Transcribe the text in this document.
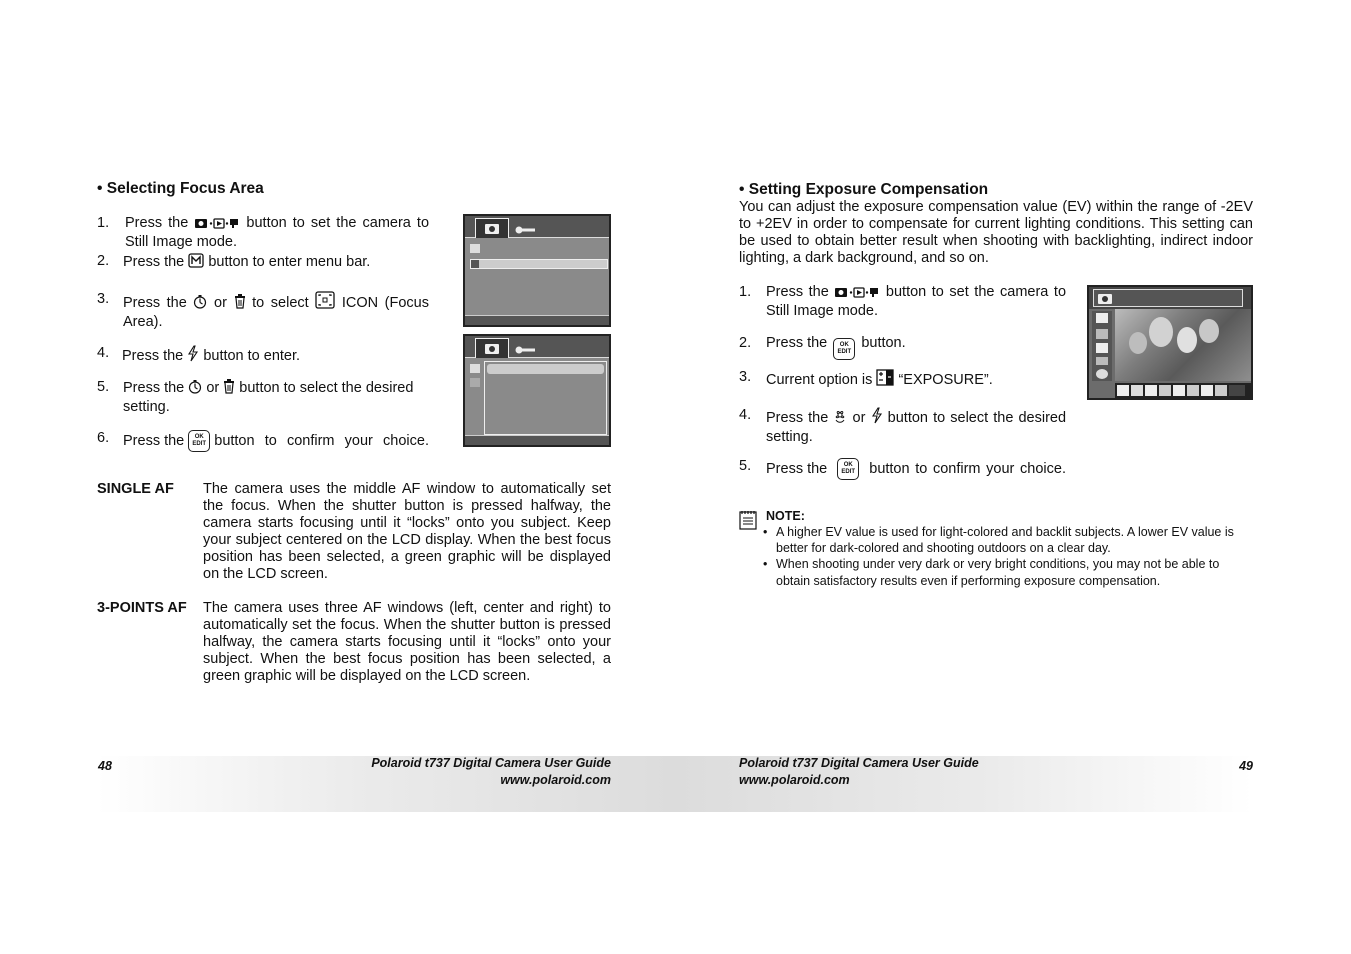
• Selecting Focus Area
1. Press the	button to set the camera to Still Image mode.
2. Press the button to enter menu bar.
3. Press the or to select ICON (Focus Area).
4. Press the button to enter.
5. Press the or button to select the desired setting.
6. Press the	OK
EDIT button to confirm your choice.
SINGLE AF The camera uses the middle AF window to automatically set the focus. When the shutter button is pressed halfway, the camera starts focusing until it “locks” onto you subject. Keep your subject centered on the LCD display. When the best focus position has been selected, a green graphic will be displayed on the LCD screen.
3-POINTS AF The camera uses three AF windows (left, center and right) to automatically set the focus. When the shutter button is pressed halfway, the camera starts focusing until it “locks” onto your subject. When the best focus position has been selected, a green graphic will be displayed on the LCD screen.
48	Polaroid t737 Digital Camera User Guide
www.polaroid.com
• Setting Exposure Compensation
You can adjust the exposure compensation value (EV) within the range of -2EV to +2EV in order to compensate for current lighting conditions. This setting can be used to obtain better result when shooting with backlighting, indirect indoor lighting, a dark background, and so on.
1. Press the	button to set the camera to Still Image mode.
2. Press the	OK
EDIT
button.
3. Current option is “EXPOSURE”.
4. Press the or button to select the desired setting.
5. Press the	OK
EDIT button to confirm your choice.
NOTE:
• A higher EV value is used for light-colored and backlit subjects. A lower EV value is better for dark-colored and shooting outdoors on a clear day.
• When shooting under very dark or very bright conditions, you may not be able to obtain satisfactory results even if performing exposure compensation.
Polaroid t737 Digital Camera User Guide
www.polaroid.com
49
